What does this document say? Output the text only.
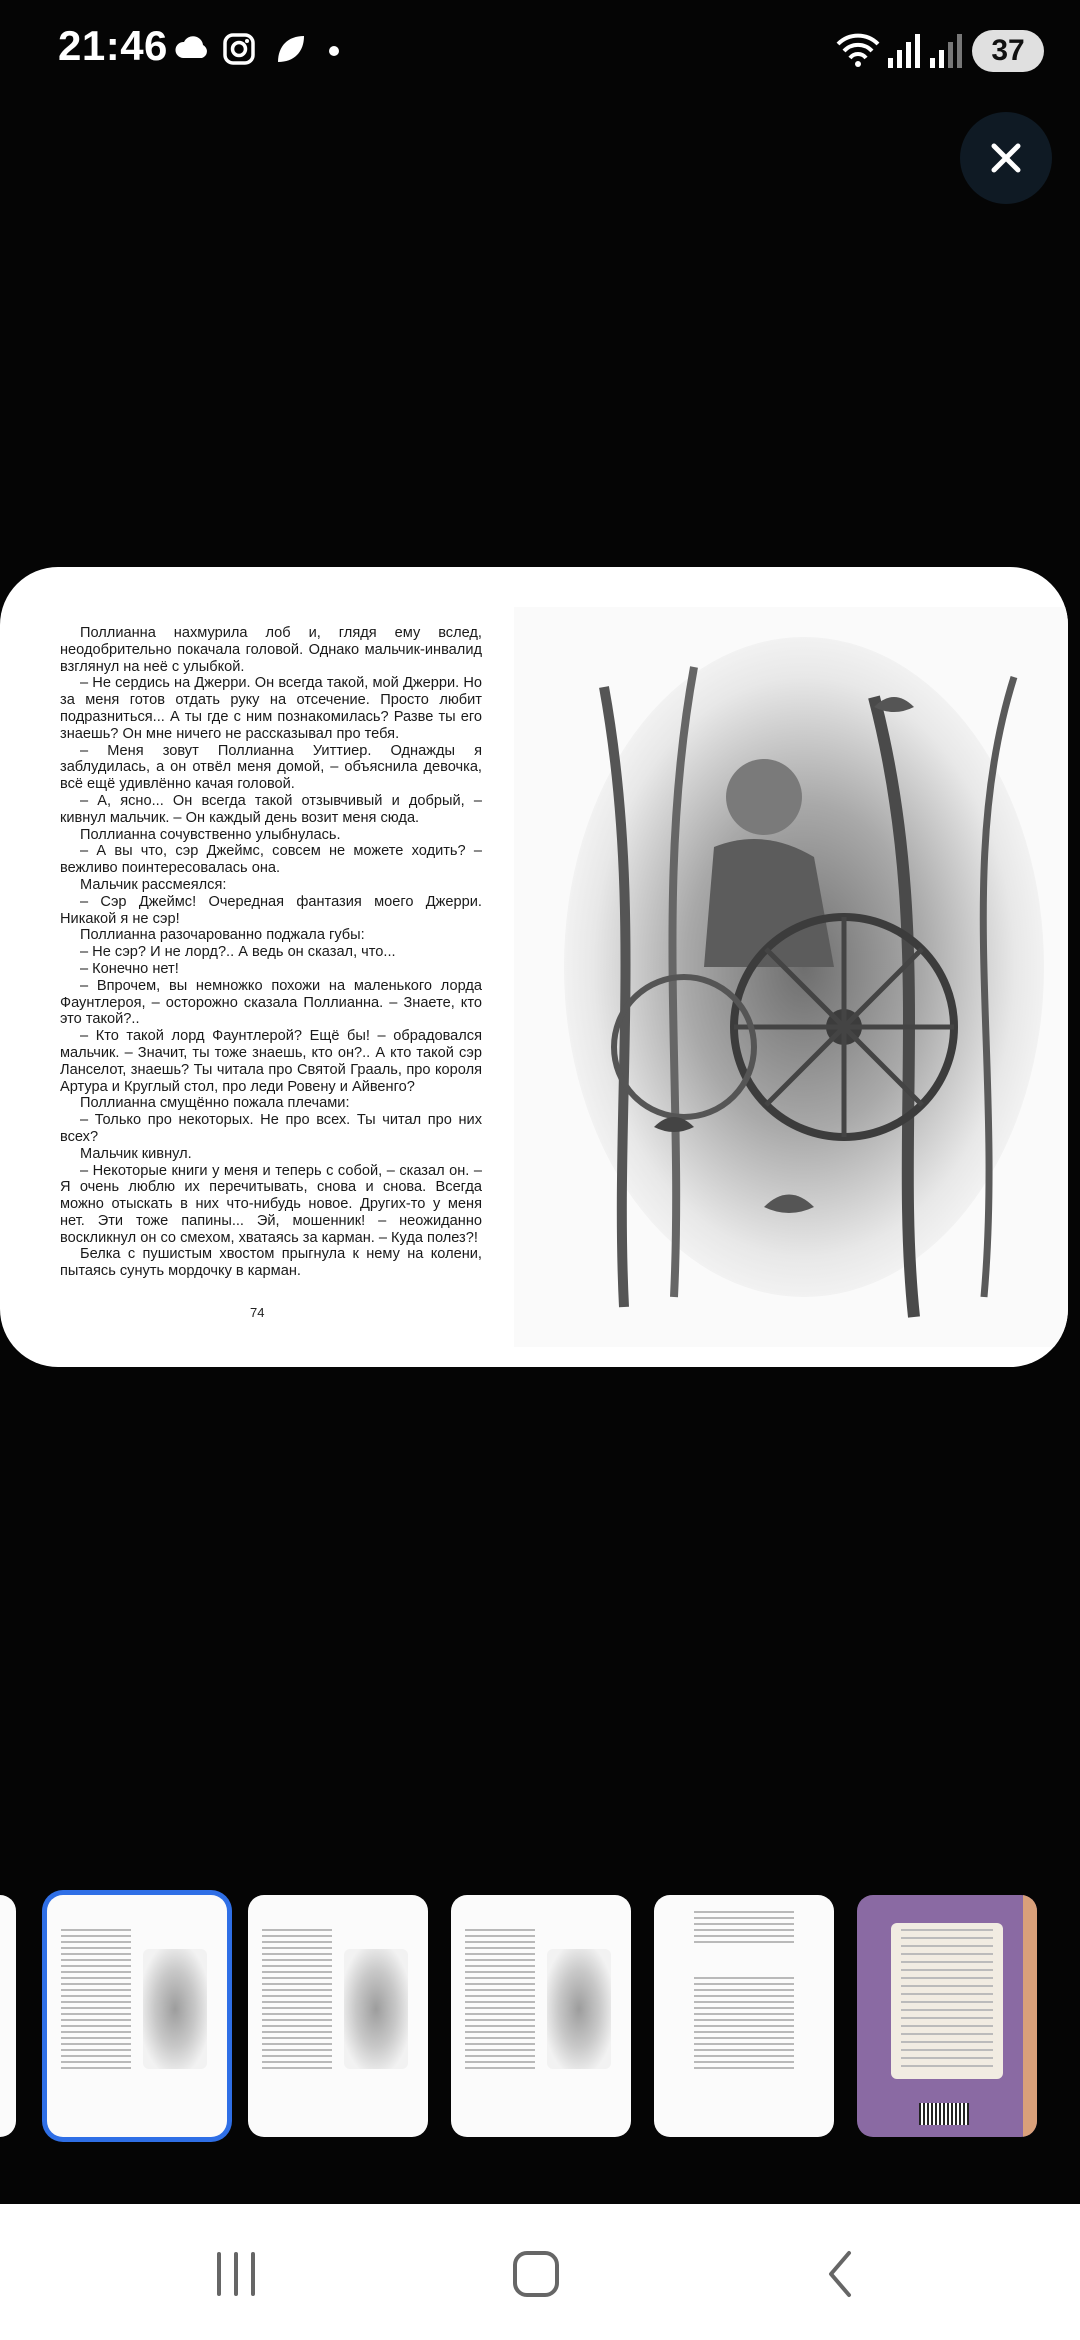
21:46	37

Поллианна нахмурила лоб и, глядя ему вслед, неодобрительно покачала головой. Однако мальчик-инвалид взглянул на неё с улыбкой.

– Не сердись на Джерри. Он всегда такой, мой Джерри. Но за меня готов отдать руку на отсечение. Просто любит подразниться... А ты где с ним познакомилась? Разве ты его знаешь? Он мне ничего не рассказывал про тебя.

– Меня зовут Поллианна Уиттиер. Однажды я заблудилась, а он отвёл меня домой, – объяснила девочка, всё ещё удивлённо качая головой.

– А, ясно... Он всегда такой отзывчивый и добрый, – кивнул мальчик. – Он каждый день возит меня сюда.

Поллианна сочувственно улыбнулась.

– А вы что, сэр Джеймс, совсем не можете ходить? – вежливо поинтересовалась она.

Мальчик рассмеялся:

– Сэр Джеймс! Очередная фантазия моего Джерри. Никакой я не сэр!

Поллианна разочарованно поджала губы:

– Не сэр? И не лорд?.. А ведь он сказал, что...

– Конечно нет!

– Впрочем, вы немножко похожи на маленького лорда Фаунтлероя, – осторожно сказала Поллианна. – Знаете, кто это такой?..

– Кто такой лорд Фаунтлерой? Ещё бы! – обрадовался мальчик. – Значит, ты тоже знаешь, кто он?.. А кто такой сэр Ланселот, знаешь? Ты читала про Святой Грааль, про короля Артура и Круглый стол, про леди Ровену и Айвенго?

Поллианна смущённо пожала плечами:

– Только про некоторых. Не про всех. Ты читал про них всех?

Мальчик кивнул.

– Некоторые книги у меня и теперь с собой, – сказал он. – Я очень люблю их перечитывать, снова и снова. Всегда можно отыскать в них что-нибудь новое. Других-то у меня нет. Эти тоже папины... Эй, мошенник! – неожиданно воскликнул он со смехом, хватаясь за карман. – Куда полез?!

Белка с пушистым хвостом прыгнула к нему на колени, пытаясь сунуть мордочку в карман.

74
